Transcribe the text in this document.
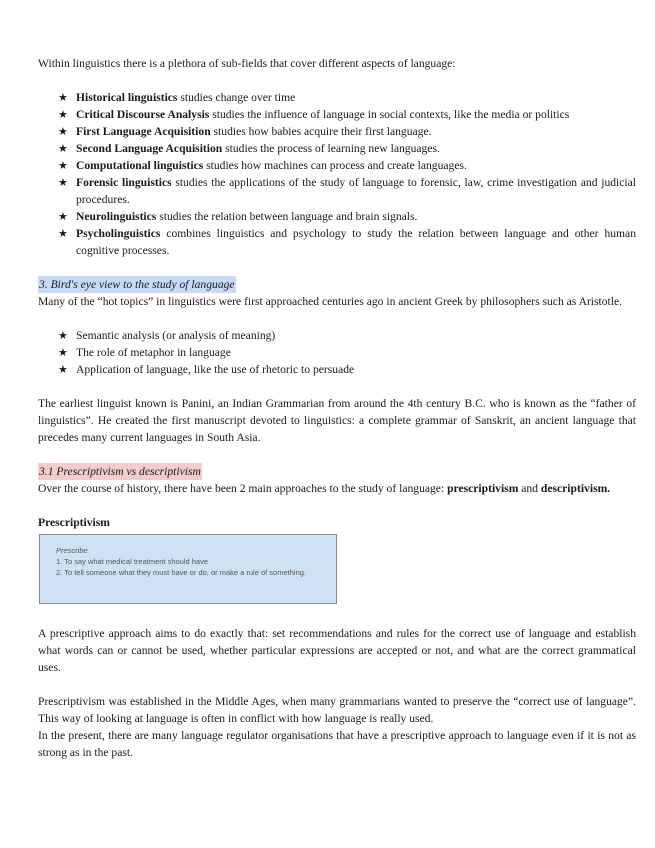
Within linguistics there is a plethora of sub-fields that cover different aspects of language:

★ Historical linguistics studies change over time
★ Critical Discourse Analysis studies the influence of language in social contexts, like the media or politics
★ First Language Acquisition studies how babies acquire their first language.
★ Second Language Acquisition studies the process of learning new languages.
★ Computational linguistics studies how machines can process and create languages.
★ Forensic linguistics studies the applications of the study of language to forensic, law, crime investigation and judicial procedures.
★ Neurolinguistics studies the relation between language and brain signals.
★ Psycholinguistics combines linguistics and psychology to study the relation between language and other human cognitive processes.
3. Bird's eye view to the study of language

Many of the “hot topics” in linguistics were first approached centuries ago in ancient Greek by philosophers such as Aristotle.

★ Semantic analysis (or analysis of meaning)
★ The role of metaphor in language
★ Application of language, like the use of rhetoric to persuade

The earliest linguist known is Panini, an Indian Grammarian from around the 4th century B.C. who is known as the “father of linguistics”. He created the first manuscript devoted to linguistics: a complete grammar of Sanskrit, an ancient language that precedes many current languages in South Asia.

3.1 Prescriptivism vs descriptivism

Over the course of history, there have been 2 main approaches to the study of language: prescriptivism and descriptivism.

Prescriptivism

Prescribe
1. To say what medical treatment should have
2. To tell someone what they must have or do, or make a rule of something.

A prescriptive approach aims to do exactly that: set recommendations and rules for the correct use of language and establish what words can or cannot be used, whether particular expressions are accepted or not, and what are the correct grammatical uses.

Prescriptivism was established in the Middle Ages, when many grammarians wanted to preserve the “correct use of language”. This way of looking at language is often in conflict with how language is really used.

In the present, there are many language regulator organisations that have a prescriptive approach to language even if it is not as strong as in the past.
